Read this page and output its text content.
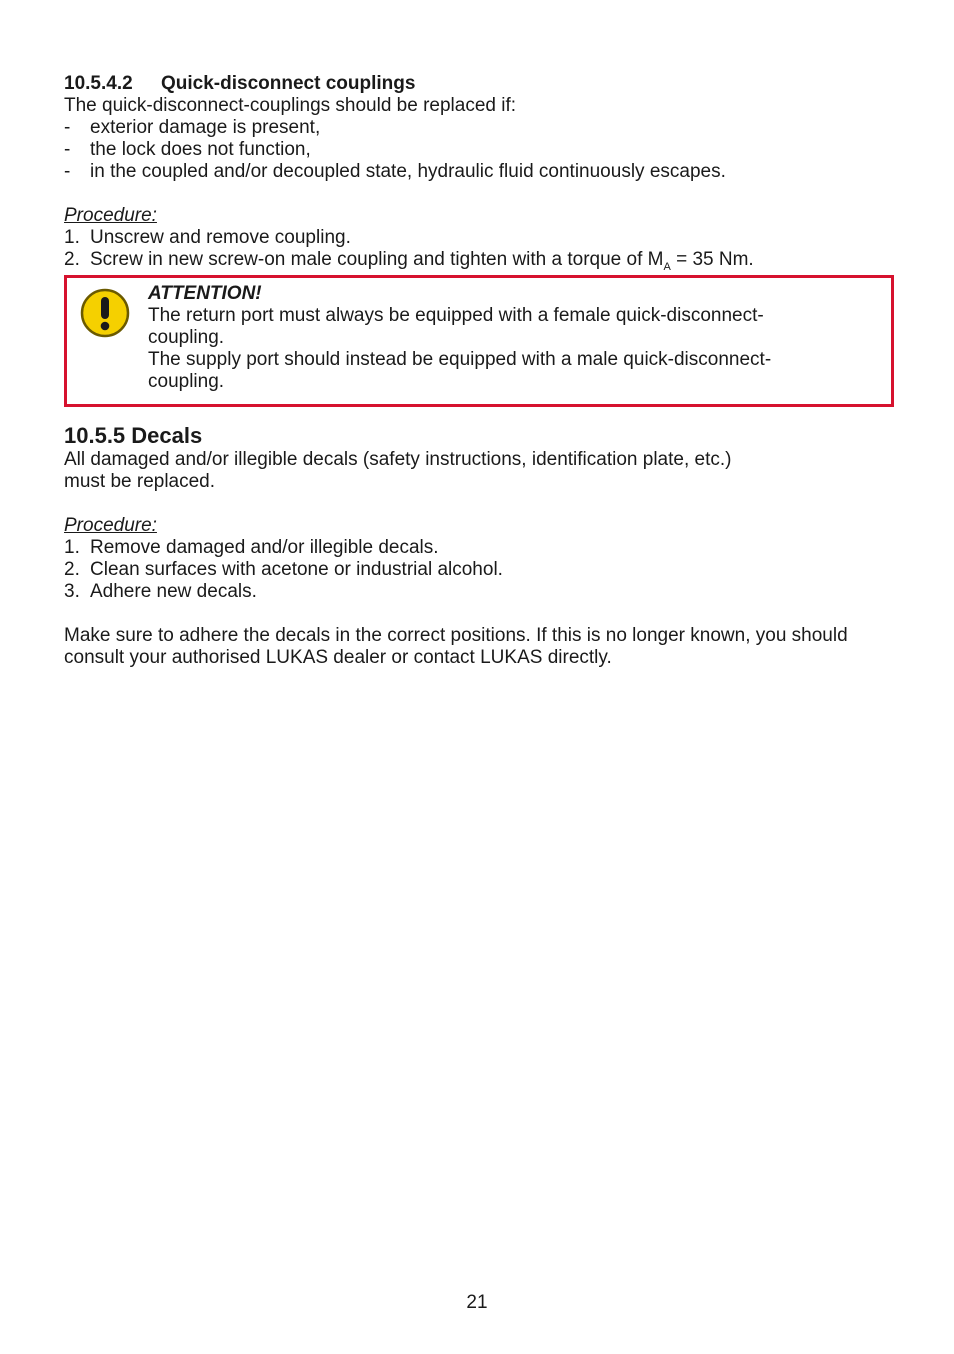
10.5.4.2 Quick-disconnect couplings

The quick-disconnect-couplings should be replaced if:

- exterior damage is present,
- the lock does not function,
- in the coupled and/or decoupled state, hydraulic fluid continuously escapes.

Procedure:

1. Unscrew and remove coupling.
2. Screw in new screw-on male coupling and tighten with a torque of $M_A = 35$ Nm.

ATTENTION!

The return port must always be equipped with a female quick-disconnect-

coupling.

The supply port should instead be equipped with a male quick-disconnect-

coupling.

10.5.5 Decals

All damaged and/or illegible decals (safety instructions, identification plate, etc.)

must be replaced.

Procedure:

1. Remove damaged and/or illegible decals.
2. Clean surfaces with acetone or industrial alcohol.
3. Adhere new decals.

Make sure to adhere the decals in the correct positions. If this is no longer known, you should

consult your authorised LUKAS dealer or contact LUKAS directly.

21
